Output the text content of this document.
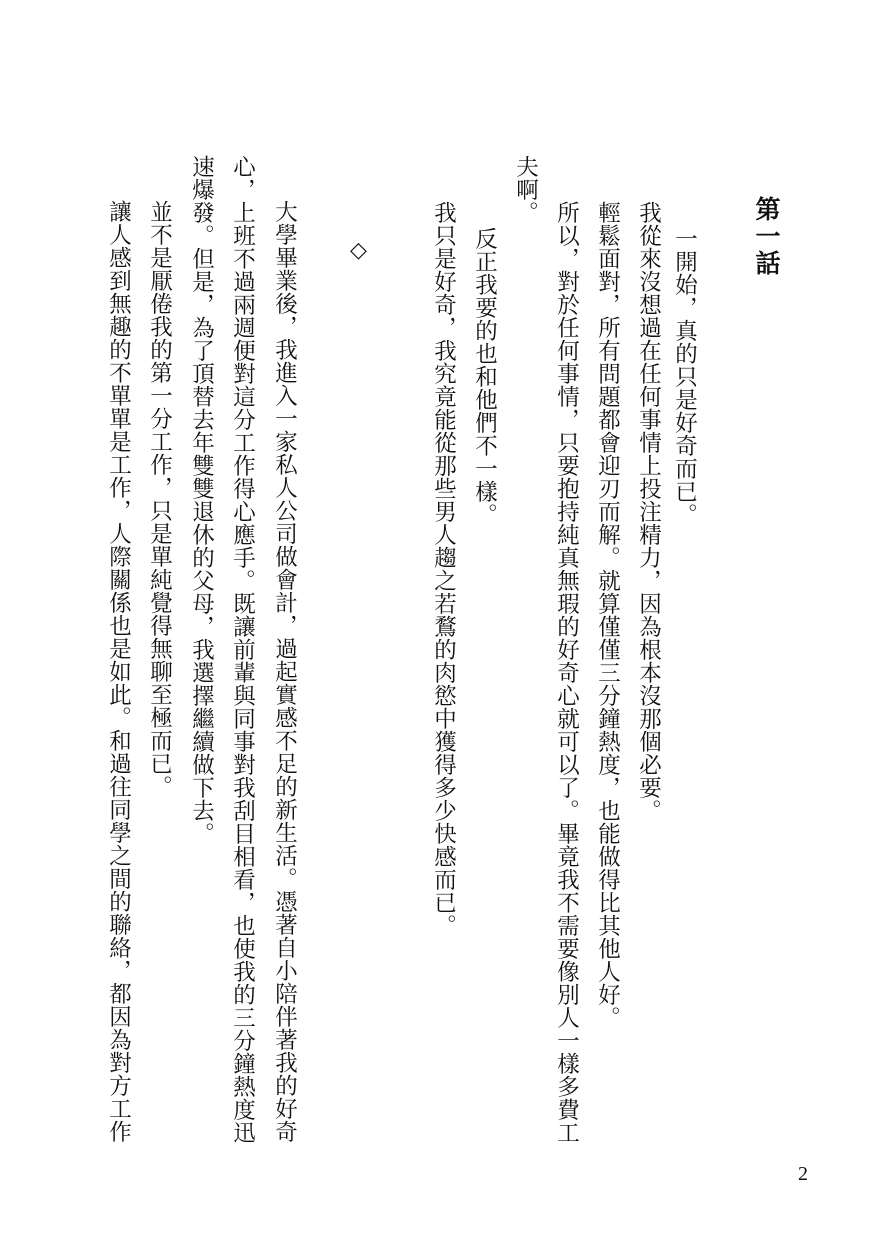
第一話
一開始，真的只是好奇而已。
我從來沒想過在任何事情上投注精力，因為根本沒那個必要。
輕鬆面對，所有問題都會迎刃而解。就算僅僅三分鐘熱度，也能做得比其他人好。
所以，對於任何事情，只要抱持純真無瑕的好奇心就可以了。畢竟我不需要像別人一樣多費工
夫啊。
反正我要的也和他們不一樣。
我只是好奇，我究竟能從那些男人趨之若鶩的肉慾中獲得多少快感而已。
◇
大學畢業後，我進入一家私人公司做會計，過起實感不足的新生活。憑著自小陪伴著我的好奇
心，上班不過兩週便對這分工作得心應手。既讓前輩與同事對我刮目相看，也使我的三分鐘熱度迅
速爆發。但是，為了頂替去年雙雙退休的父母，我選擇繼續做下去。
並不是厭倦我的第一分工作，只是單純覺得無聊至極而已。
讓人感到無趣的不單單是工作，人際關係也是如此。和過往同學之間的聯絡，都因為對方工作
2
